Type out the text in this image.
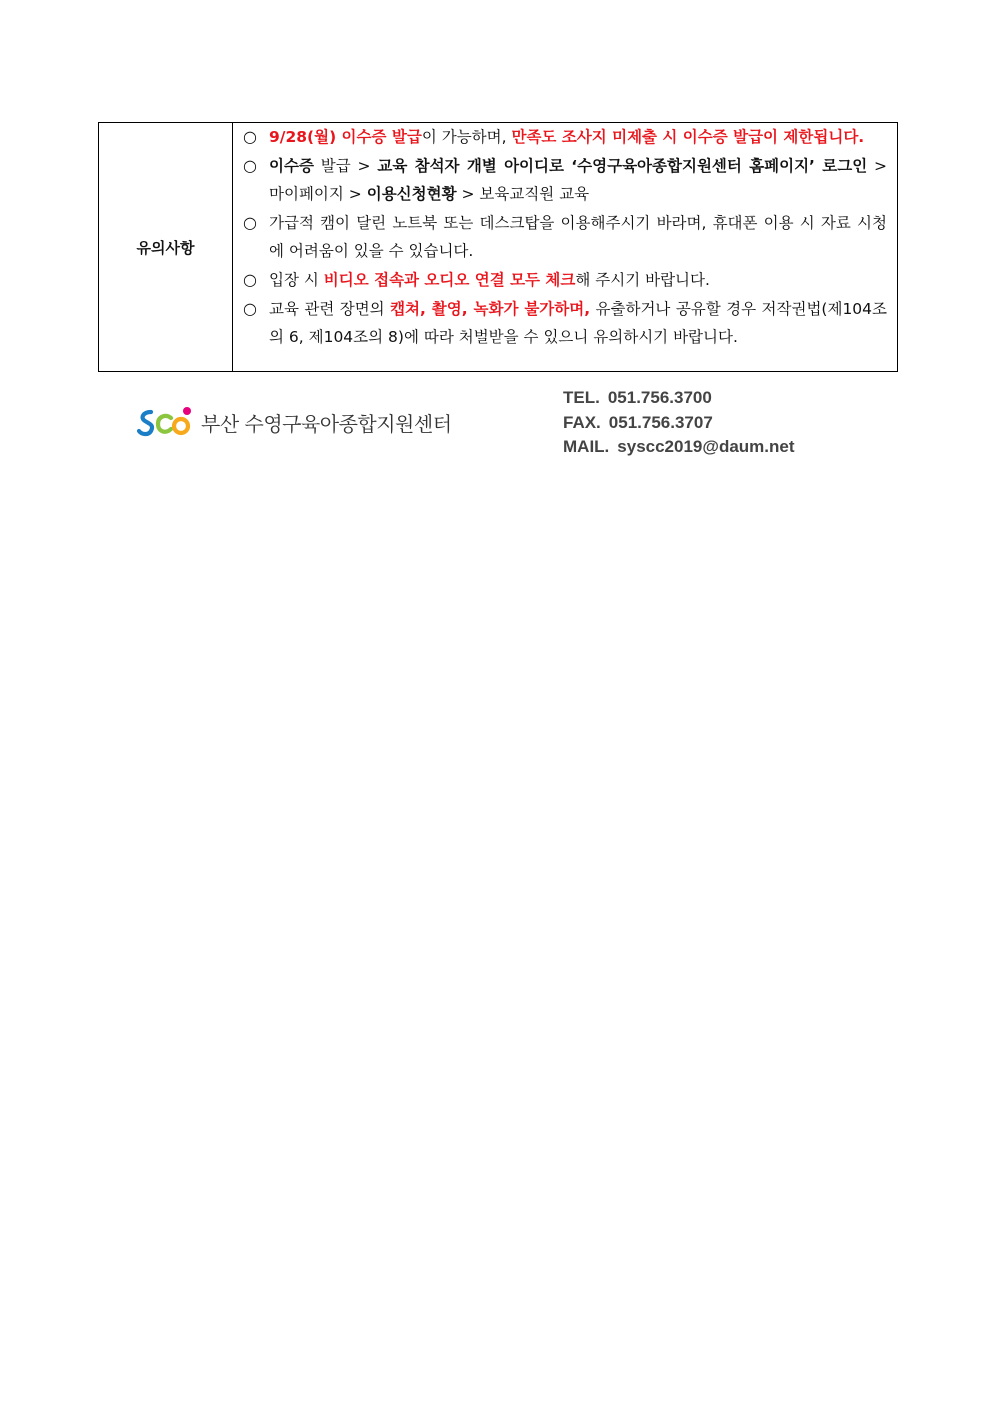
유의사항
○ 9/28(월) 이수증 발급이 가능하며, 만족도 조사지 미제출 시 이수증 발급이 제한됩니다.
○ 이수증 발급 > 교육 참석자 개별 아이디로 ‘수영구육아종합지원센터 홈페이지’ 로그인 > 마이페이지 > 이용신청현황 > 보육교직원 교육
○ 가급적 캠이 달린 노트북 또는 데스크탑을 이용해주시기 바라며, 휴대폰 이용 시 자료 시청에 어려움이 있을 수 있습니다.
○ 입장 시 비디오 접속과 오디오 연결 모두 체크해 주시기 바랍니다.
○ 교육 관련 장면의 캡쳐, 촬영, 녹화가 불가하며, 유출하거나 공유할 경우 저작권법(제104조의 6, 제104조의 8)에 따라 처벌받을 수 있으니 유의하시기 바랍니다.
부산 수영구육아종합지원센터
TEL. 051.756.3700
FAX. 051.756.3707
MAIL. syscc2019@daum.net
